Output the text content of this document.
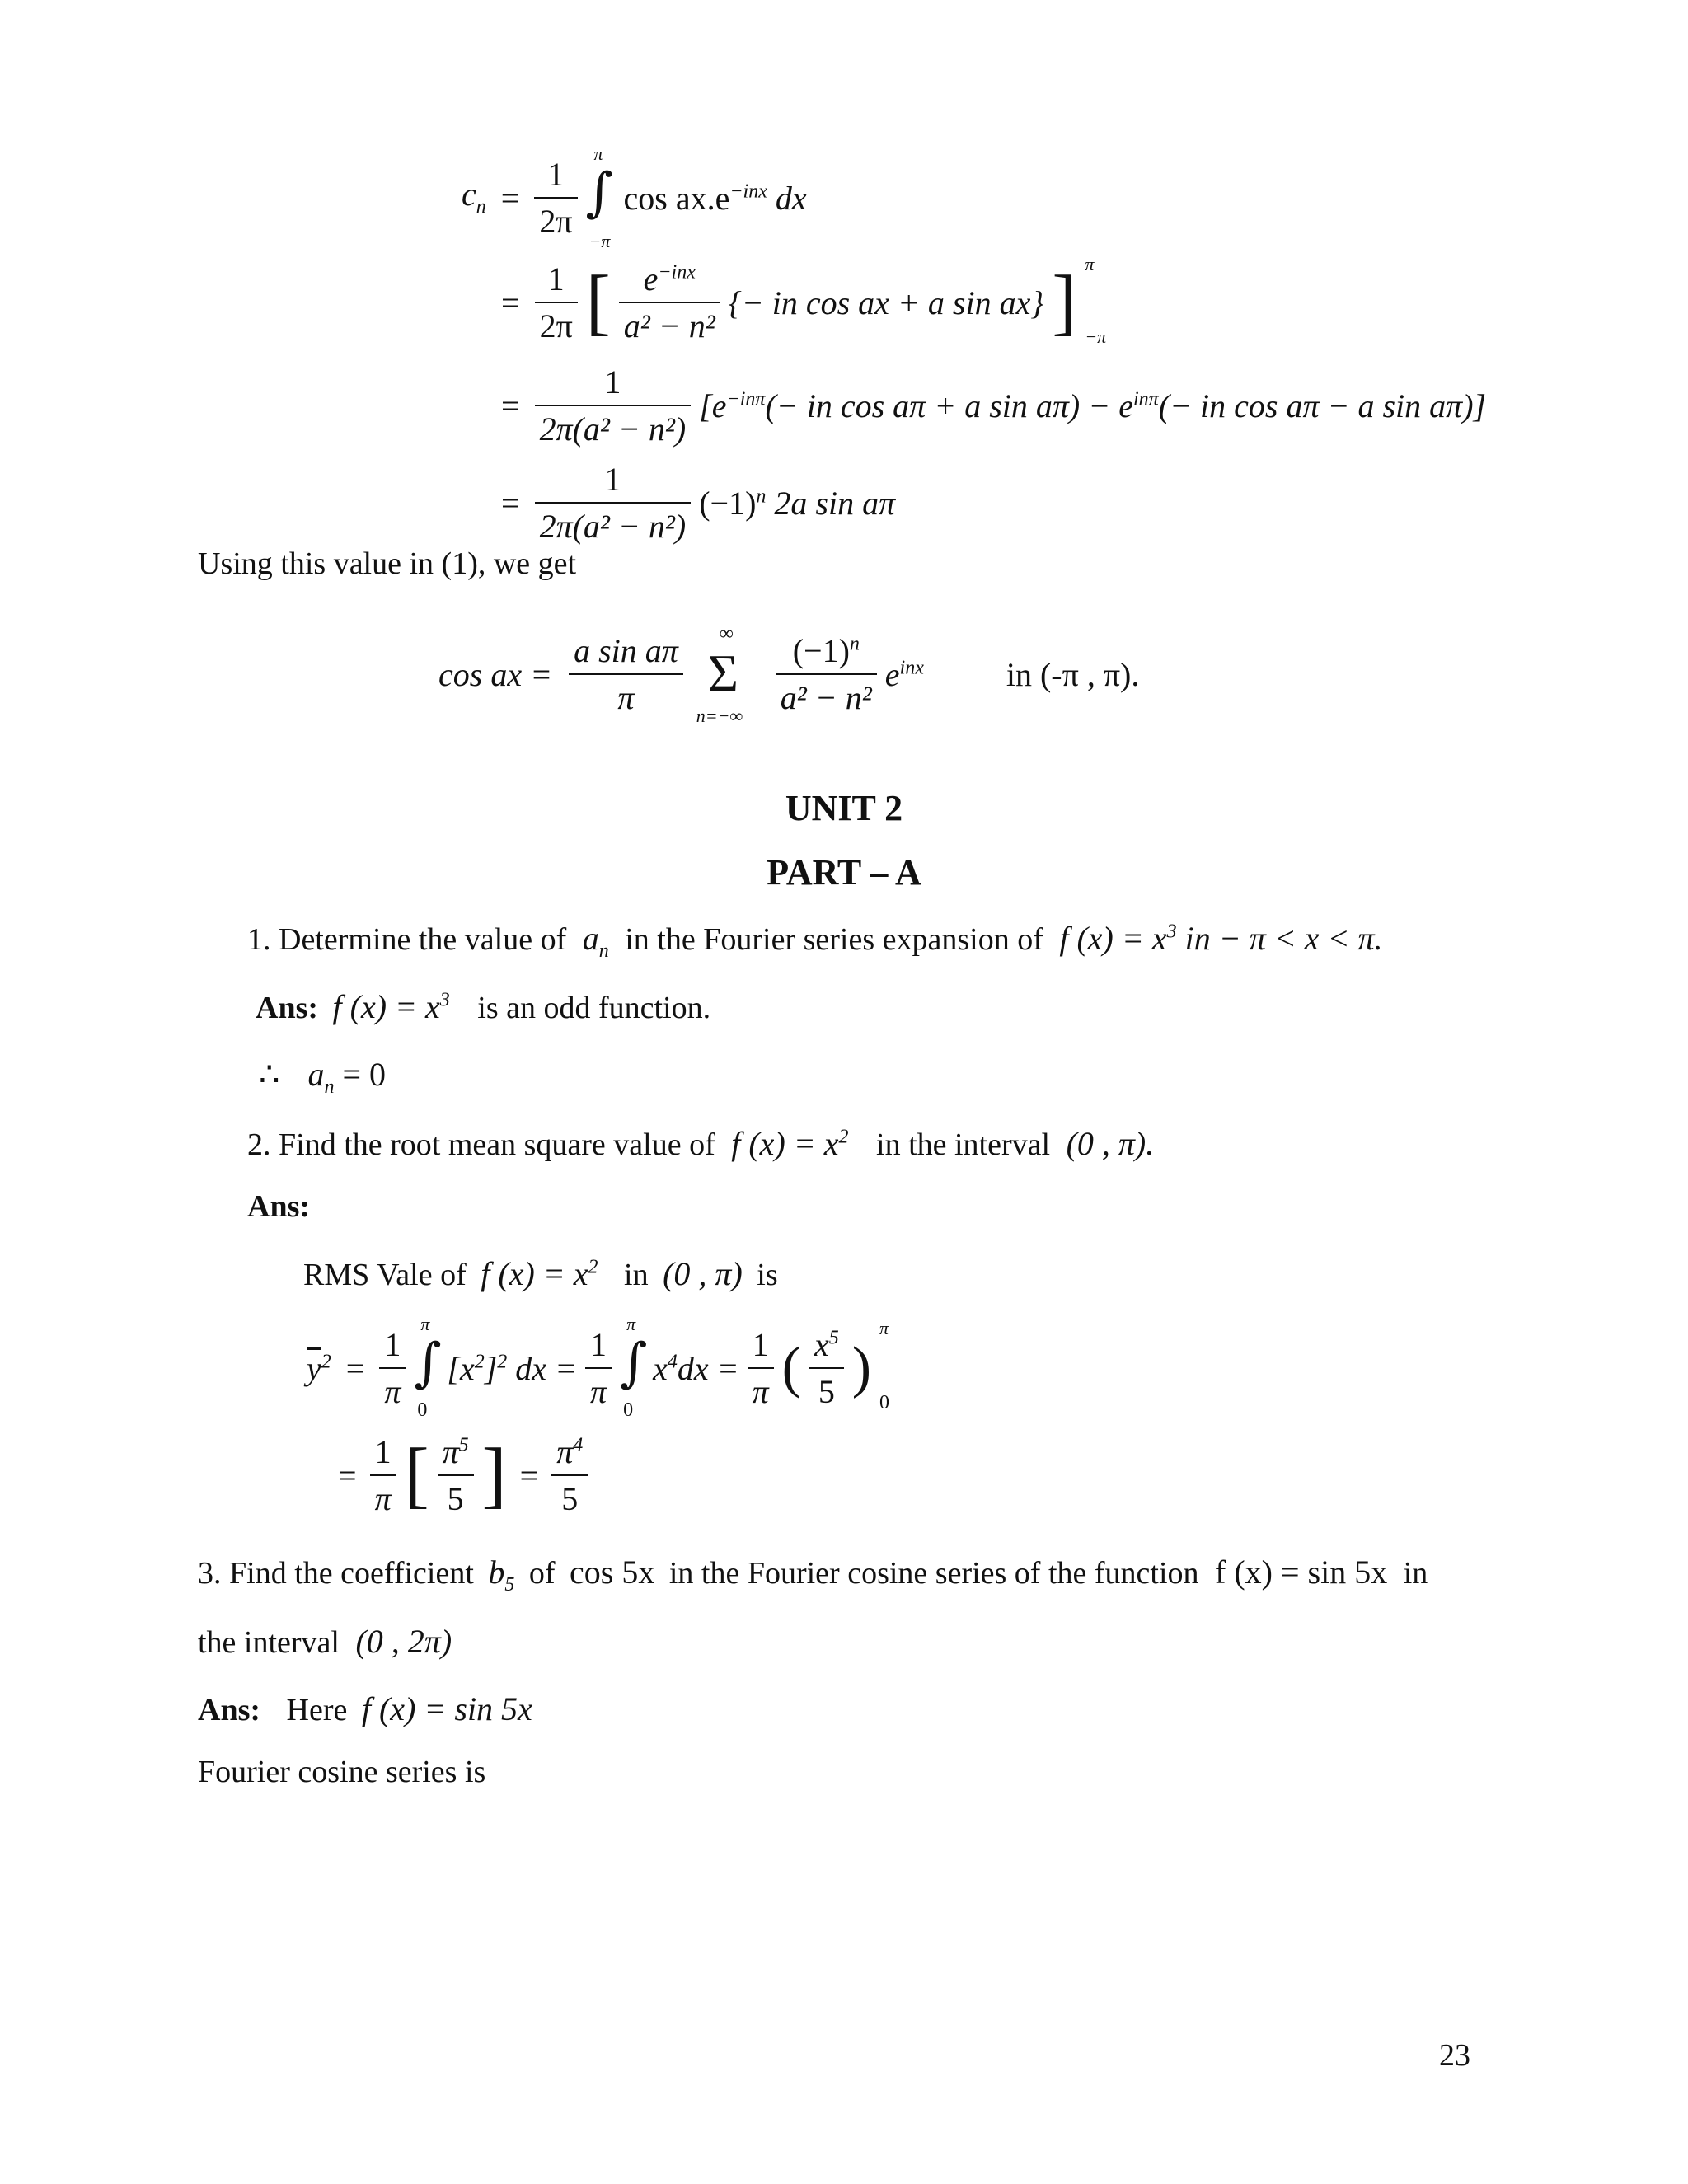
$c_n = \frac{1}{2\pi}$

π
∫
−π
$\cos ax.e^{-inx}$ dx
= $\frac{1}{2\pi}$ [ $\frac{e^{-inx}}{\text{a² − n²}}$ {− in cos ax + a sin ax} ] π
−π
= $\frac{1}{\text{2π(a² − n²)}} [e^{-in\pi}(-$ in cos aπ + a $\sin a\pi) - e^{in\pi}(-$ in cos aπ − a sin aπ)]
= $\frac{1}{\text{2π(a² − n²)}} (-1)^n$ 2a sin aπ
Using this value in (1), we get
cos ax = $\frac{\text{a sin aπ}}{\pi}$
∞
Σ
n=−∞
$\frac{(-1)^n}{\text{a² − n²}} e^{inx}$	in (-π , π).
UNIT 2
PART – A
1. Determine the value of $a_n$ in the Fourier series expansion of f $(x) = x^3$ in − π < x < π.
Ans: f $(x) = x^3$ is an odd function.
∴ $a_n = 0$
2. Find the root mean square value of f $(x) = x^2$ in the interval (0 , π).
Ans:
RMS Vale of f $(x) = x^2$ in (0 , π) is
$\overline{y}^2 = \frac{1}{\pi}$

π
∫
0
$[x^2]^2$ dx = $\frac{1}{\pi}$

π
∫
0
$x^4dx = \frac{1}{\pi}$ ( $\frac{x^5}{5}$ )
π
0
= $\frac{1}{\pi}$ [ $\frac{\pi^5}{5}$ ] = $\frac{\pi^4}{5}$
3. Find the coefficient $b_5$ of cos 5x in the Fourier cosine series of the function f (x) = sin 5x in
the interval (0 , 2π)
Ans: Here f (x) = sin 5x
Fourier cosine series is
23
